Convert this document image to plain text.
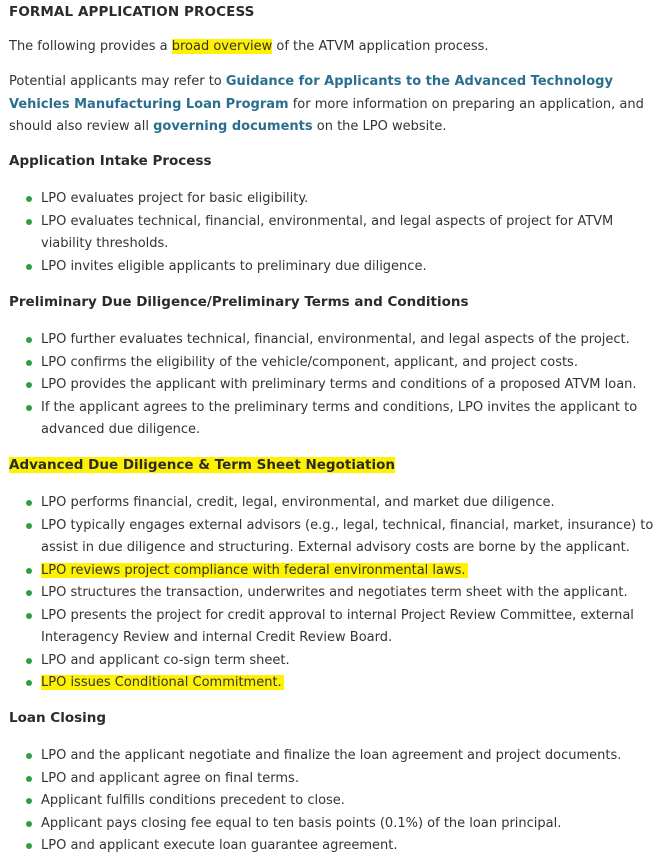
FORMAL APPLICATION PROCESS
The following provides a broad overview of the ATVM application process.
Potential applicants may refer to Guidance for Applicants to the Advanced Technology Vehicles Manufacturing Loan Program for more information on preparing an application, and should also review all governing documents on the LPO website.
Application Intake Process
LPO evaluates project for basic eligibility.
LPO evaluates technical, financial, environmental, and legal aspects of project for ATVM viability thresholds.
LPO invites eligible applicants to preliminary due diligence.
Preliminary Due Diligence/Preliminary Terms and Conditions
LPO further evaluates technical, financial, environmental, and legal aspects of the project.
LPO confirms the eligibility of the vehicle/component, applicant, and project costs.
LPO provides the applicant with preliminary terms and conditions of a proposed ATVM loan.
If the applicant agrees to the preliminary terms and conditions, LPO invites the applicant to advanced due diligence.
Advanced Due Diligence & Term Sheet Negotiation
LPO performs financial, credit, legal, environmental, and market due diligence.
LPO typically engages external advisors (e.g., legal, technical, financial, market, insurance) to assist in due diligence and structuring. External advisory costs are borne by the applicant.
LPO reviews project compliance with federal environmental laws.
LPO structures the transaction, underwrites and negotiates term sheet with the applicant.
LPO presents the project for credit approval to internal Project Review Committee, external Interagency Review and internal Credit Review Board.
LPO and applicant co-sign term sheet.
LPO issues Conditional Commitment.
Loan Closing
LPO and the applicant negotiate and finalize the loan agreement and project documents.
LPO and applicant agree on final terms.
Applicant fulfills conditions precedent to close.
Applicant pays closing fee equal to ten basis points (0.1%) of the loan principal.
LPO and applicant execute loan guarantee agreement.
